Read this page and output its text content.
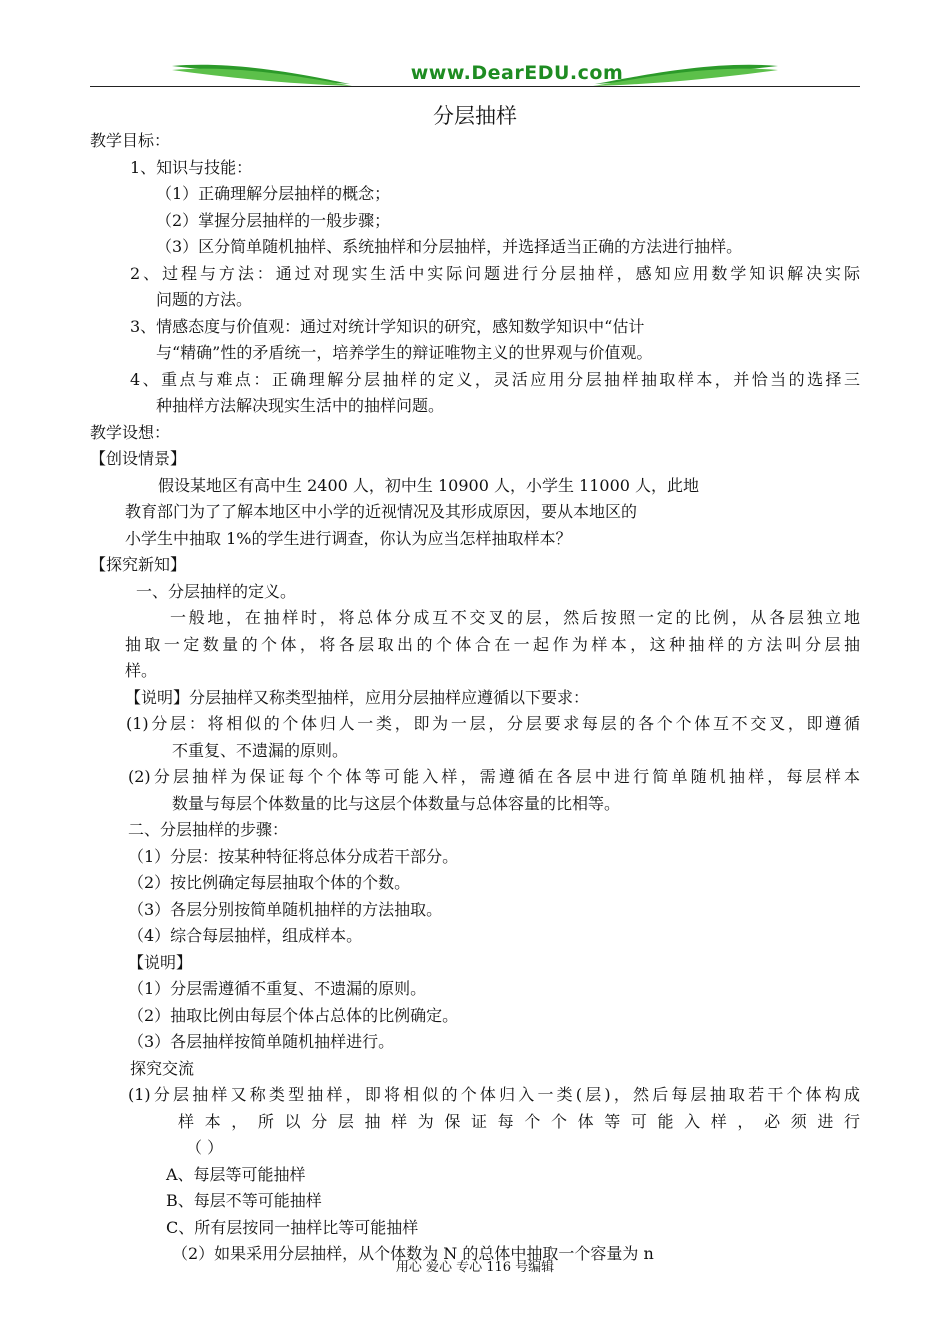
www.DearEDU.com
分层抽样
教学目标：
1、知识与技能：
（1）正确理解分层抽样的概念；
（2）掌握分层抽样的一般步骤；
（3）区分简单随机抽样、系统抽样和分层抽样，并选择适当正确的方法进行抽样。
2、过程与方法：通过对现实生活中实际问题进行分层抽样，感知应用数学知识解决实际
问题的方法。
3、情感态度与价值观：通过对统计学知识的研究，感知数学知识中“估计
与“精确”性的矛盾统一，培养学生的辩证唯物主义的世界观与价值观。
4、重点与难点：正确理解分层抽样的定义，灵活应用分层抽样抽取样本，并恰当的选择三
种抽样方法解决现实生活中的抽样问题。
教学设想：
【创设情景】
假设某地区有高中生 2400 人，初中生 10900 人，小学生 11000 人，此地
教育部门为了了解本地区中小学的近视情况及其形成原因，要从本地区的
小学生中抽取 1%的学生进行调查，你认为应当怎样抽取样本？
【探究新知】
一、分层抽样的定义。
一般地，在抽样时，将总体分成互不交叉的层，然后按照一定的比例，从各层独立地
抽取一定数量的个体，将各层取出的个体合在一起作为样本，这种抽样的方法叫分层抽
样。
【说明】分层抽样又称类型抽样，应用分层抽样应遵循以下要求：
(1)分层：将相似的个体归人一类，即为一层，分层要求每层的各个个体互不交叉，即遵循
不重复、不遗漏的原则。
(2)分层抽样为保证每个个体等可能入样，需遵循在各层中进行简单随机抽样，每层样本
数量与每层个体数量的比与这层个体数量与总体容量的比相等。
二、分层抽样的步骤：
（1）分层：按某种特征将总体分成若干部分。
（2）按比例确定每层抽取个体的个数。
（3）各层分别按简单随机抽样的方法抽取。
（4）综合每层抽样，组成样本。
【说明】
（1）分层需遵循不重复、不遗漏的原则。
（2）抽取比例由每层个体占总体的比例确定。
（3）各层抽样按简单随机抽样进行。
探究交流
(1)分层抽样又称类型抽样，即将相似的个体归入一类(层)，然后每层抽取若干个体构成
样 本 ， 所 以 分 层 抽 样 为 保 证 每 个 个 体 等 可 能 入 样 ， 必 须 进 行
（ ）
A、每层等可能抽样
B、每层不等可能抽样
C、所有层按同一抽样比等可能抽样
（2）如果采用分层抽样，从个体数为 N 的总体中抽取一个容量为 n
用心 爱心 专心 116 号编辑
